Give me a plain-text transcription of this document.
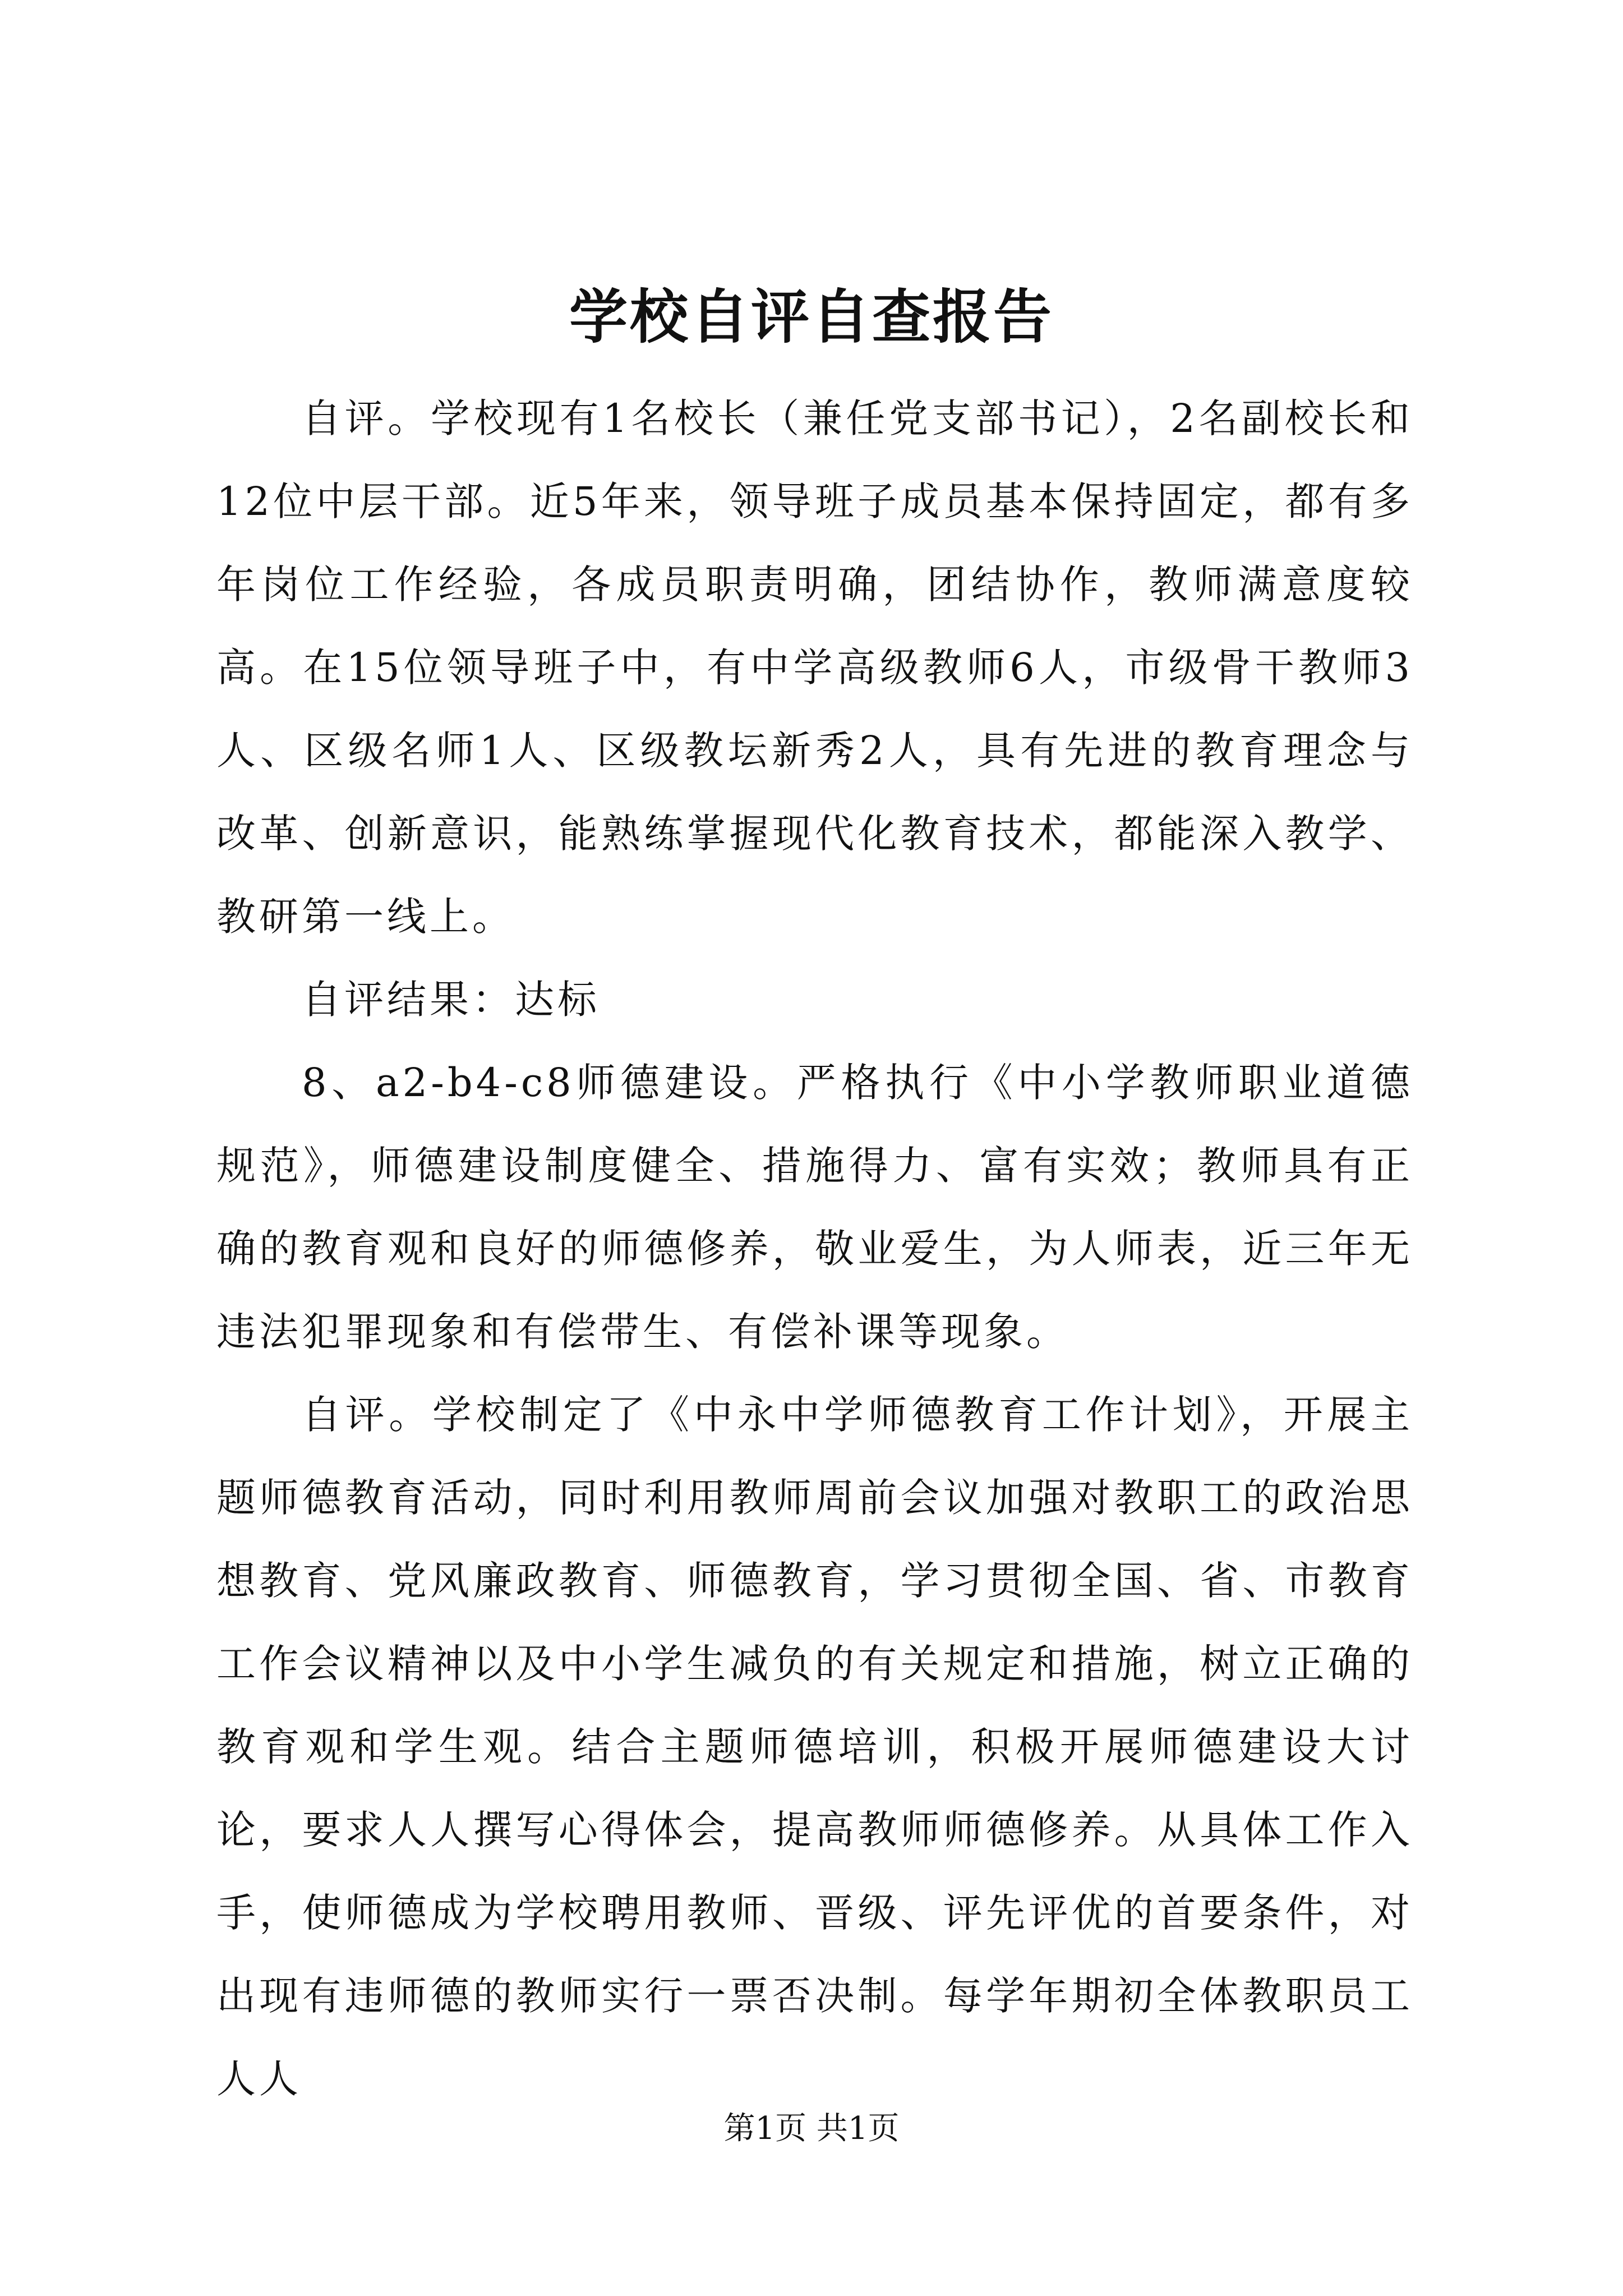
学校自评自查报告

自评。学校现有1名校长（兼任党支部书记），2名副校长和12位中层干部。近5年来，领导班子成员基本保持固定，都有多年岗位工作经验，各成员职责明确，团结协作，教师满意度较高。在15位领导班子中，有中学高级教师6人，市级骨干教师3人、区级名师1人、区级教坛新秀2人，具有先进的教育理念与改革、创新意识，能熟练掌握现代化教育技术，都能深入教学、教研第一线上。

自评结果：达标

8、a2-b4-c8师德建设。严格执行《中小学教师职业道德规范》，师德建设制度健全、措施得力、富有实效；教师具有正确的教育观和良好的师德修养，敬业爱生，为人师表，近三年无违法犯罪现象和有偿带生、有偿补课等现象。

自评。学校制定了《中永中学师德教育工作计划》，开展主题师德教育活动，同时利用教师周前会议加强对教职工的政治思想教育、党风廉政教育、师德教育，学习贯彻全国、省、市教育工作会议精神以及中小学生减负的有关规定和措施，树立正确的教育观和学生观。结合主题师德培训，积极开展师德建设大讨论，要求人人撰写心得体会，提高教师师德修养。从具体工作入手，使师德成为学校聘用教师、晋级、评先评优的首要条件，对出现有违师德的教师实行一票否决制。每学年期初全体教职员工人人

第1页 共1页
